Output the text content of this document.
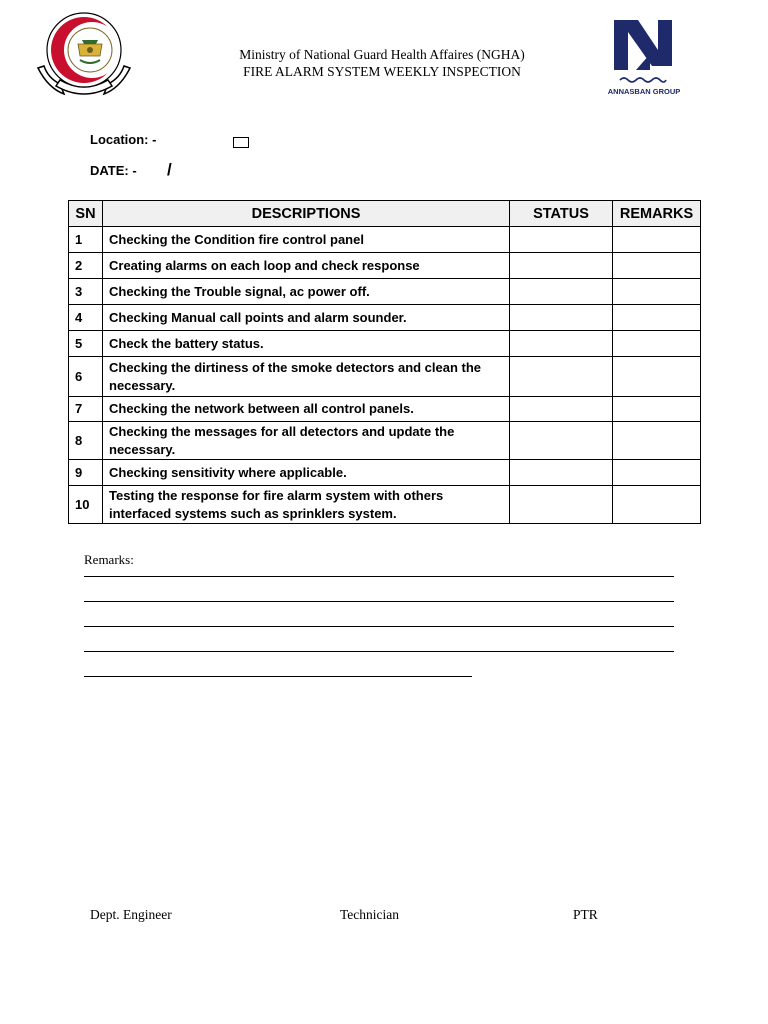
ANNASBAN GROUP
Ministry of National Guard Health Affaires (NGHA)
FIRE ALARM SYSTEM WEEKLY INSPECTION
Location: -
DATE: - /
SN	DESCRIPTIONS	STATUS	REMARKS
1	Checking the Condition fire control panel		
2	Creating alarms on each loop and check response		
3	Checking the Trouble signal, ac power off.		
4	Checking Manual call points and alarm sounder.		
5	Check the battery status.		
6	Checking the dirtiness of the smoke detectors and clean the necessary.		
7	Checking the network between all control panels.		
8	Checking the messages for all detectors and update the necessary.		
9	Checking sensitivity where applicable.		
10	Testing the response for fire alarm system with others interfaced systems such as sprinklers system.		
Remarks:
Dept. Engineer	Technician	PTR
